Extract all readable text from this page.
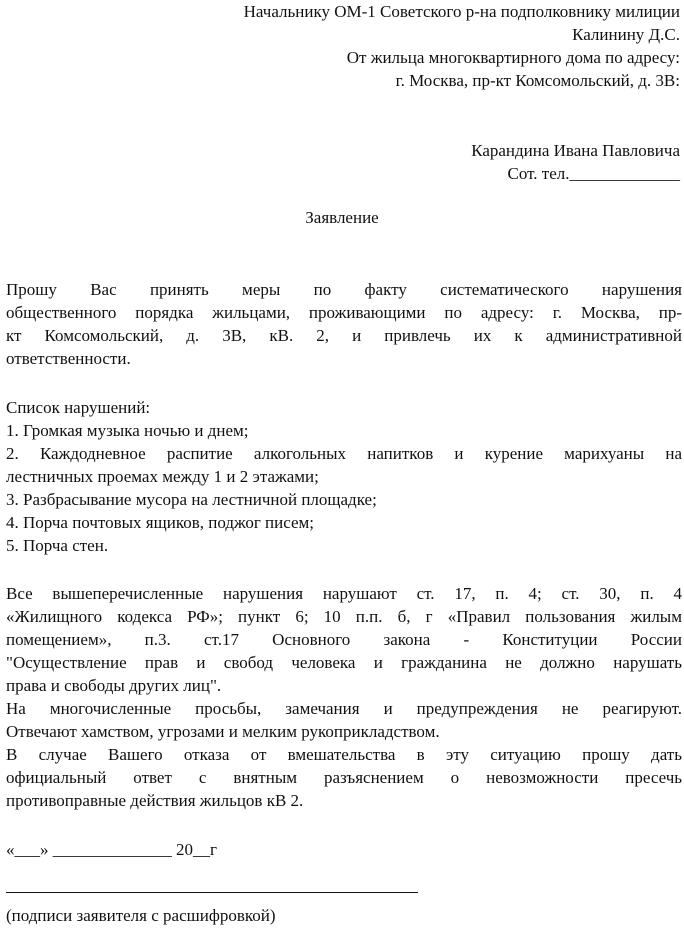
Начальнику ОМ-1 Советского р-на подполковнику милиции
Калинину Д.С.
От жильца многоквартирного дома по адресу:
г. Москва, пр-кт Комсомольский, д. 3В:
Карандина Ивана Павловича
Сот. тел._____________
Заявление
Прошу Вас принять меры по факту систематического нарушения
общественного порядка жильцами, проживающими по адресу: г. Москва, пр-
кт Комсомольский, д. 3В, кВ. 2, и привлечь их к административной
ответственности.
Список нарушений:
1. Громкая музыка ночью и днем;
2. Каждодневное распитие алкогольных напитков и курение марихуаны на
лестничных проемах между 1 и 2 этажами;
3. Разбрасывание мусора на лестничной площадке;
4. Порча почтовых ящиков, поджог писем;
5. Порча стен.
Все вышеперечисленные нарушения нарушают ст. 17, п. 4; ст. 30, п. 4
«Жилищного кодекса РФ»; пункт 6; 10 п.п. б, г «Правил пользования жилым
помещением», п.3. ст.17 Основного закона - Конституции России
"Осуществление прав и свобод человека и гражданина не должно нарушать
права и свободы других лиц".
На многочисленные просьбы, замечания и предупреждения не реагируют.
Отвечают хамством, угрозами и мелким рукоприкладством.
В случае Вашего отказа от вмешательства в эту ситуацию прошу дать
официальный ответ с внятным разъяснением о невозможности пресечь
противоправные действия жильцов кВ 2.
«___» ______________ 20__г
(подписи заявителя с расшифровкой)
